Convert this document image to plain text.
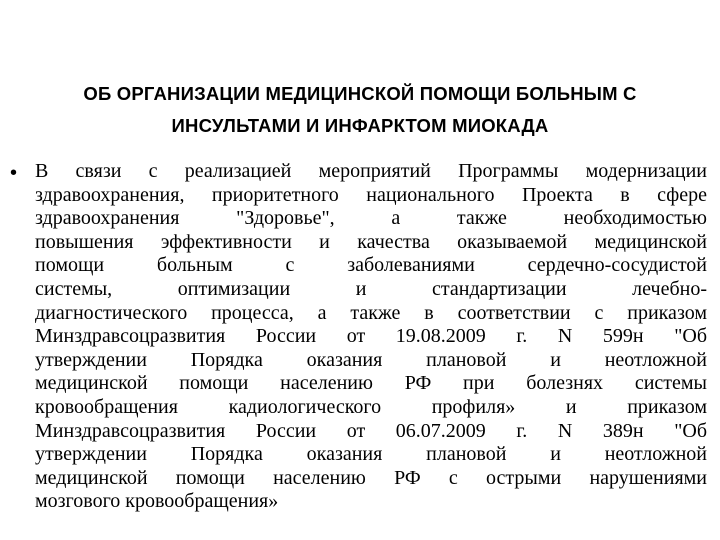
ОБ ОРГАНИЗАЦИИ МЕДИЦИНСКОЙ ПОМОЩИ БОЛЬНЫМ С
ИНСУЛЬТАМИ И ИНФАРКТОМ МИОКАДА
• В связи с реализацией мероприятий Программы модернизации
здравоохранения, приоритетного национального Проекта в сфере
здравоохранения "Здоровье", а также необходимостью
повышения эффективности и качества оказываемой медицинской
помощи больным с заболеваниями сердечно-сосудистой
системы, оптимизации и стандартизации лечебно-
диагностического процесса, а также в соответствии с приказом
Минздравсоцразвития России от 19.08.2009 г. N 599н "Об
утверждении Порядка оказания плановой и неотложной
медицинской помощи населению РФ при болезнях системы
кровообращения кадиологического профиля» и приказом
Минздравсоцразвития России от 06.07.2009 г. N 389н "Об
утверждении Порядка оказания плановой и неотложной
медицинской помощи населению РФ с острыми нарушениями
мозгового кровообращения»
